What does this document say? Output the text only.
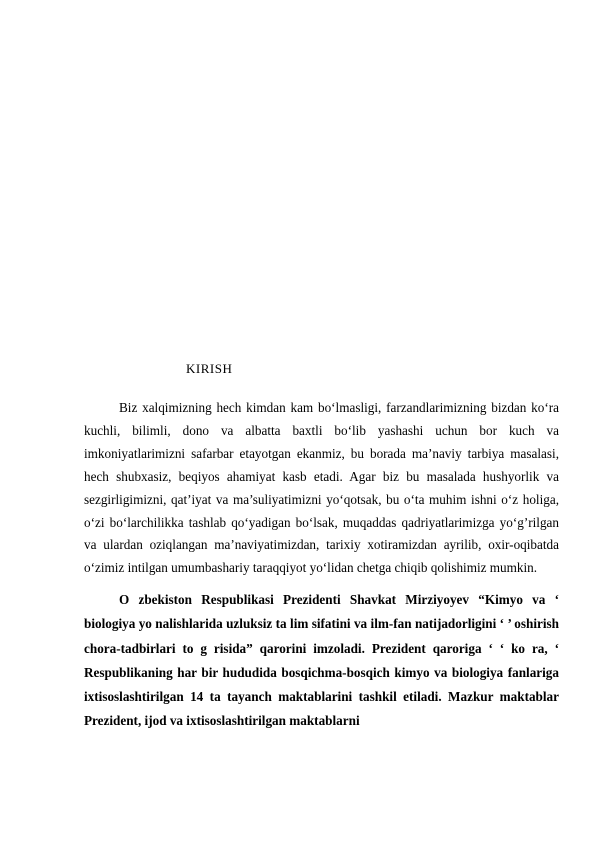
KIRISH

Biz xalqimizning hech kimdan kam bo‘lmasligi, farzandlarimizning bizdan ko‘ra kuchli, bilimli, dono va albatta baxtli bo‘lib yashashi uchun bor kuch va imkoniyatlarimizni safarbar etayotgan ekanmiz, bu borada ma’naviy tarbiya masalasi, hech shubxasiz, beqiyos ahamiyat kasb etadi. Agar biz bu masalada hushyorlik va sezgirligimizni, qat’iyat va ma’suliyatimizni yo‘qotsak, bu o‘ta muhim ishni o‘z holiga, o‘zi bo‘larchilikka tashlab qo‘yadigan bo‘lsak, muqaddas qadriyatlarimizga yo‘g’rilgan va ulardan oziqlangan ma’naviyatimizdan, tarixiy xotiramizdan ayrilib, oxir-oqibatda o‘zimiz intilgan umumbashariy taraqqiyot yo‘lidan chetga chiqib qolishimiz mumkin.

O zbekiston Respublikasi Prezidenti Shavkat Mirziyoyev “Kimyo va ‘ biologiya yo nalishlarida uzluksiz ta lim sifatini va ilm-fan natijadorligini ‘ ’ oshirish chora-tadbirlari to g risida” qarorini imzoladi. Prezident qaroriga ‘ ‘ ko ra, ‘ Respublikaning har bir hududida bosqichma-bosqich kimyo va biologiya fanlariga ixtisoslashtirilgan 14 ta tayanch maktablarini tashkil etiladi. Mazkur maktablar Prezident, ijod va ixtisoslashtirilgan maktablarni
